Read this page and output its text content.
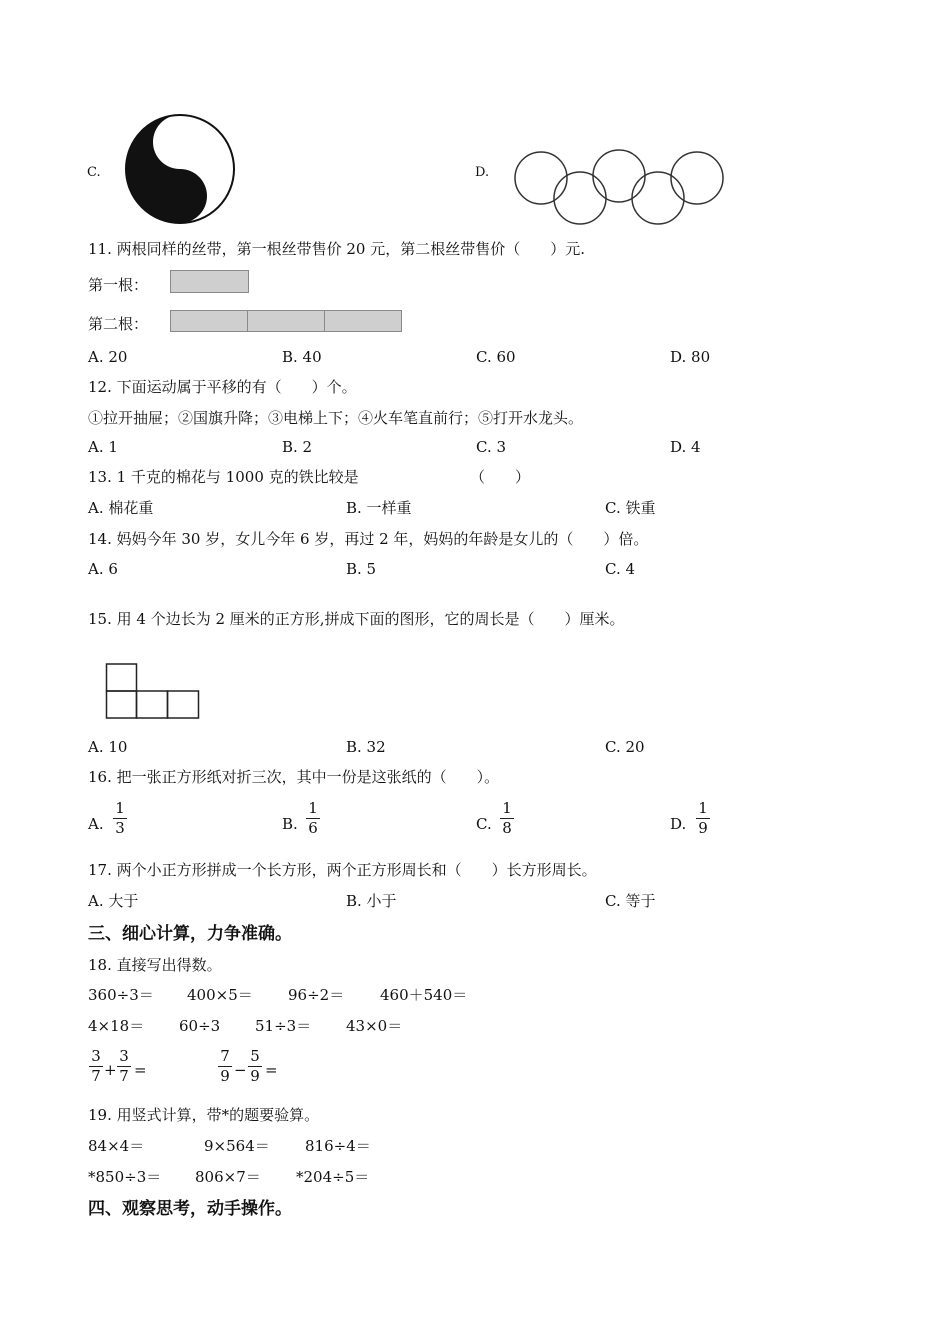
C.	D.
11. 两根同样的丝带，第一根丝带售价 20 元，第二根丝带售价（　　）元.
第一根：
第二根：
A. 20	B. 40	C. 60	D. 80
12. 下面运动属于平移的有（　　）个。
①拉开抽屉；②国旗升降；③电梯上下；④火车笔直前行；⑤打开水龙头。
A. 1	B. 2	C. 3	D. 4
13. 1 千克的棉花与 1000 克的铁比较是	（　　）
A. 棉花重	B. 一样重	C. 铁重
14. 妈妈今年 30 岁，女儿今年 6 岁，再过 2 年，妈妈的年龄是女儿的（　　）倍。
A. 6	B. 5	C. 4
15. 用 4 个边长为 2 厘米的正方形,拼成下面的图形，它的周长是（　　）厘米。
A. 10	B. 32	C. 20
16. 把一张正方形纸对折三次，其中一份是这张纸的（　　）。
A.
1
3	B.
1
6	C.
1
8	D.
1
9
17. 两个小正方形拼成一个长方形，两个正方形周长和（　　）长方形周长。
A. 大于	B. 小于	C. 等于
三、细心计算，力争准确。
18. 直接写出得数。
360÷3＝ 400×5＝ 96÷2＝ 460＋540＝
4×18＝ 60÷3 51÷3＝ 43×0＝
3
7 +
3
7 =
7
9 −
5
9 =
19. 用竖式计算，带*的题要验算。
84×4＝	9×564＝ 816÷4＝
*850÷3＝ 806×7＝ *204÷5＝
四、观察思考，动手操作。
